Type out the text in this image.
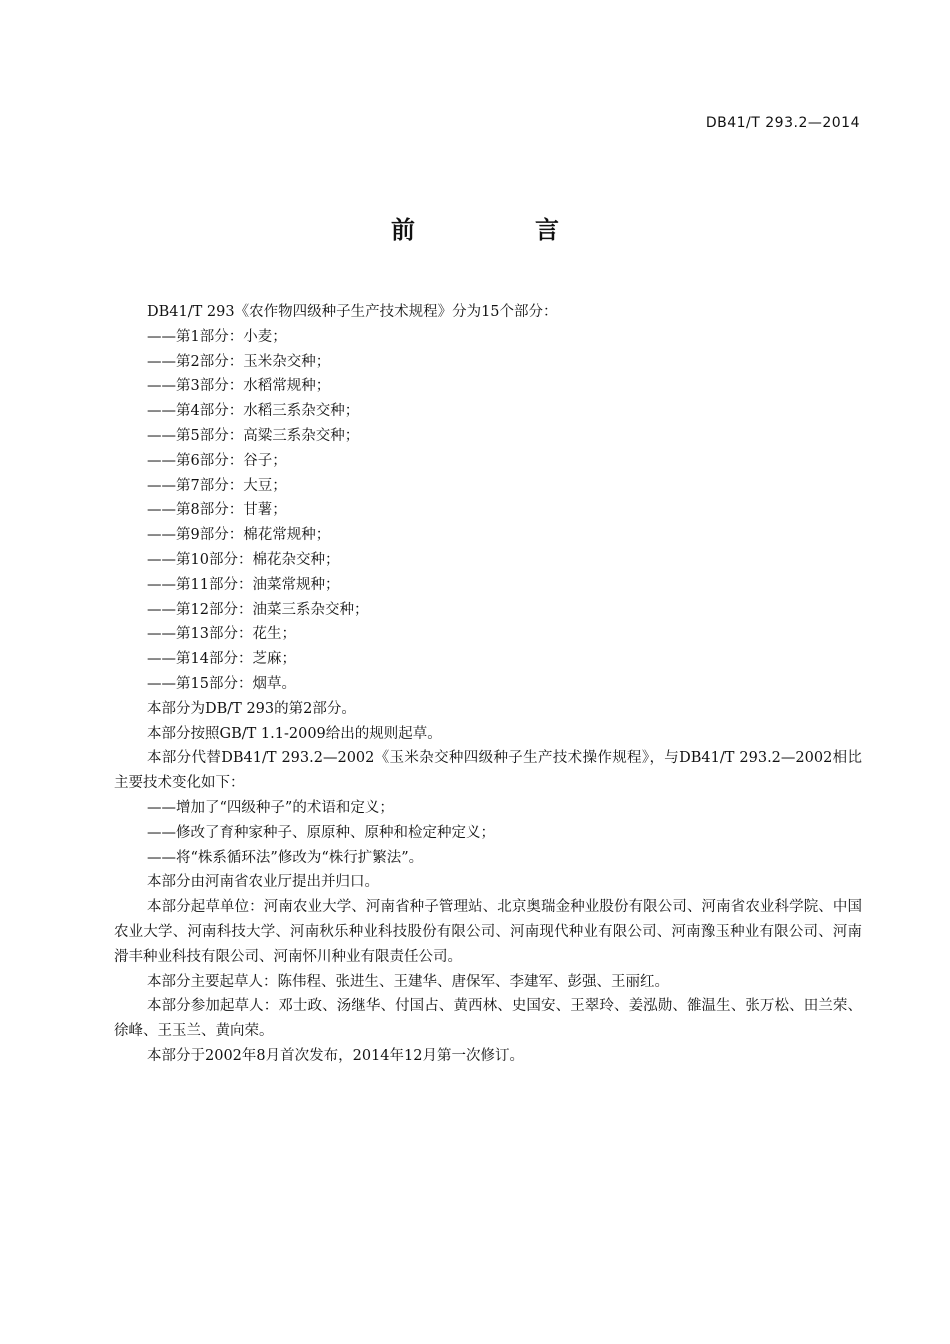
DB41/T 293.2—2014
前　言

DB41/T 293《农作物四级种子生产技术规程》分为15个部分：

——第1部分：小麦；
——第2部分：玉米杂交种；
——第3部分：水稻常规种；
——第4部分：水稻三系杂交种；
——第5部分：高粱三系杂交种；
——第6部分：谷子；
——第7部分：大豆；
——第8部分：甘薯；
——第9部分：棉花常规种；
——第10部分：棉花杂交种；
——第11部分：油菜常规种；
——第12部分：油菜三系杂交种；
——第13部分：花生；
——第14部分：芝麻；
——第15部分：烟草。

本部分为DB/T 293的第2部分。

本部分按照GB/T 1.1-2009给出的规则起草。

本部分代替DB41/T 293.2—2002《玉米杂交种四级种子生产技术操作规程》，与DB41/T 293.2—2002相比主要技术变化如下：

——增加了“四级种子”的术语和定义；
——修改了育种家种子、原原种、原种和检定种定义；
——将“株系循环法”修改为“株行扩繁法”。

本部分由河南省农业厅提出并归口。

本部分起草单位：河南农业大学、河南省种子管理站、北京奥瑞金种业股份有限公司、河南省农业科学院、中国农业大学、河南科技大学、河南秋乐种业科技股份有限公司、河南现代种业有限公司、河南豫玉种业有限公司、河南滑丰种业科技有限公司、河南怀川种业有限责任公司。

本部分主要起草人：陈伟程、张进生、王建华、唐保军、李建军、彭强、王丽红。

本部分参加起草人：邓士政、汤继华、付国占、黄西林、史国安、王翠玲、姜泓勋、雒温生、张万松、田兰荣、徐峰、王玉兰、黄向荣。

本部分于2002年8月首次发布，2014年12月第一次修订。
